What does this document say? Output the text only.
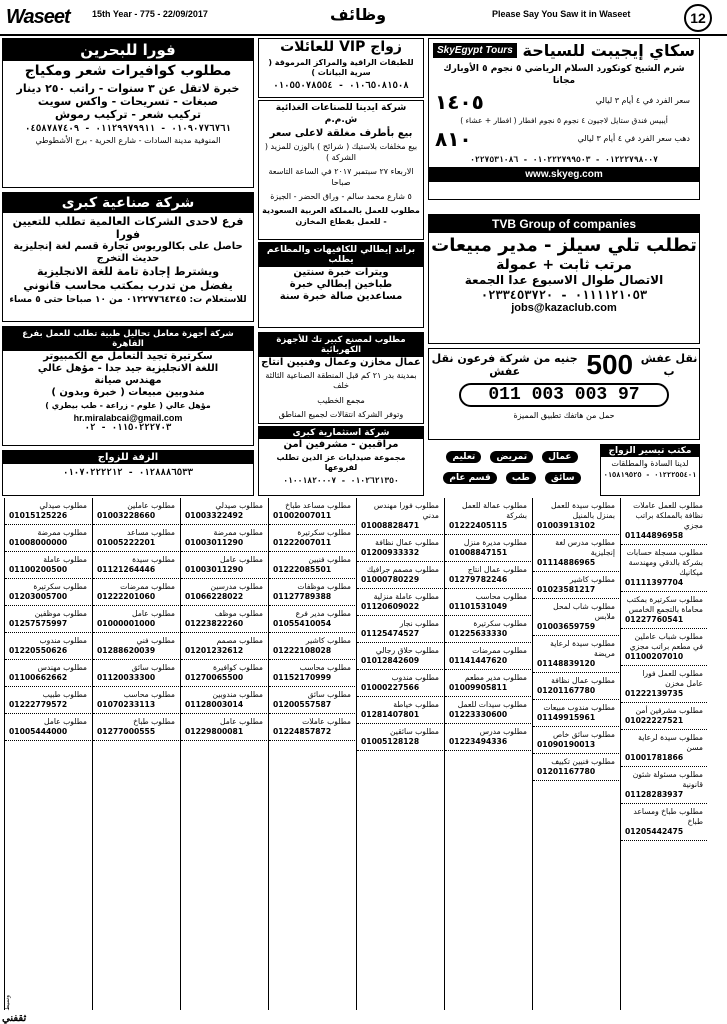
Waseet 15th Year - 775 - 22/09/2017	وظائف	Please Say You Saw it in Waseet	12
فورا للبحرين
مطلوب كوافيرات شعر ومكياج
خبرة لاتقل عن ٣ سنوات - راتب ٢٥٠ دينار
صبغات - تسريحات - واكس سويت
تركيب شعر - تركيب رموش
٠١٠٩٠٧٧٦٧٦١ - ٠١١٢٩٩٧٩٩١١ - ٠٤٥٨٧٨٧٤٠٩
المنوفية مدينة السادات - شارع الحرية - برج الأشطوطي
زواج VIP للعائلات
للطبقات الراقية والمراكز المرموقة ( سرية البيانات )
٠١٠٦٥٠٨١٥٠٨ - ٠١٠٥٥٠٧٨٥٥٤
شركة ايدينا للصناعات الغذائية ش.م.م
بيع بأطرف مغلقة لاعلى سعر
بيع مخلفات بلاستيك ( شرائح ) بالوزن للمزيد ( الشركة )
الاربعاء ٢٧ سبتمبر ٢٠١٧ في الساعة التاسعة صباحا
٥ شارع محمد سالم - وراق الحضر - الجيزة
مطلوب للعمل بالمملكة العربية السعودية - للعمل بقطاع المخازن
سكاي إيجيبت للسياحة
SkyEgypt Tours
شرم الشيخ كونكورد السلام الرياضي ٥ نجوم ٥ الأوبارك مجانا
سعر الفرد في ٤ أيام ٣ ليالي
١٤٠٥
أيبيس فندق ستايل لاجيون ٤ نجوم ٥ نجوم افطار ( افطار + عشاء )
دهب سعر الفرد في ٤ أيام ٣ ليالي
٨١٠
٠١٢٢٢٧٩٨٠٠٧ - ٠١٠٢٢٢٧٩٩٥٠٣ - ٠٢٢٧٥٣١٠٨٦
www.skyeg.com
شركة صناعية كبرى
فرع لاحدى الشركات العالمية تطلب للتعيين فورا
حاصل على بكالوريوس تجارة قسم لغة إنجليزية حديث التخرج
ويشترط إجادة تامة للغة الانجليزية
يفضل من تدرب بمكتب محاسب قانوني
للاستعلام ت: ٠١٢٢٧٧٦٤٣٤٥ من ١٠ صباحا حتى ٥ مساء
براند إيطالي للكافيهات والمطاعم يطلب
ويترات خبرة سنتين
طباخين إيطالي خبرة
مساعدين صالة خبرة سنة
TVB Group of companies
تطلب تلي سيلز - مدير مبيعات
مرتب ثابت + عمولة
الاتصال طوال الاسبوع عدا الجمعة
٠١١١١٢١٠٥٣ - ٠٢٣٣٤٥٣٧٢٠
jobs@kazaclub.com
شركة أجهزة معامل تحاليل طبية تطلب للعمل بفرع القاهرة
سكرتيرة تجيد التعامل مع الكمبيوتر
اللغة الانجليزية جيد جدا - مؤهل عالي
مهندس صيانة
مندوبين مبيعات ( خبرة وبدون )
مؤهل عالي ( علوم - زراعة - طب بيطري )
hr.miralabcai@gmail.com
٠١١٥٠٢٢٢٧٠٣ - ٠٢
مطلوب لمصنع كبير تك للأجهزة الكهربائية
عمال مخازن وعمال وفنيين انتاج
بمدينة بدر ٢١ كم قبل المنطقة الصناعية الثالثة خلف
مجمع الخطيب
وتوفر الشركة انتقالات لجميع المناطق
نقل عفش ب
500
جنيه من شركة فرعون نقل عفش
011 003 003 97
حمل من هاتفك تطبيق المميزة
شركة استثمارية كبرى
مراقبين - مشرفين امن
مجموعة صيدليات عز الدين تطلب لفروعها
٠١٠٢٦٢١٣٥٠ - ٠١٠٠١٨٢٠٠٠٧
مكتب تيسير الزواج
لدينا السادة والمطلقات
٠١٢٢٢٥٥٤٠١ - ٠١٥٨١٩٥٢٥
الزفة للزواج
٠١٢٨٨٨٦٥٣٣ - ٠١٠٧٠٢٢٢٢١٢
عمال تمريض تعليم سائق طب قسم عام
مطلوب للعمل عاملات نظافة بالمملكة براتب مجزي
01144896958
مطلوب مسجلة حسابات بشركة بالدقي ومهندسة ميكانيك
01111397704
مطلوب سكرتيرة بمكتب محاماة بالتجمع الخامس
01227760541
مطلوب شباب عاملين في مطعم براتب مجزي
01100207010
مطلوب للعمل فورا عامل مخزن
01222139735
مطلوب مشرفين أمن
01022227521
مطلوب سيدة لرعاية مسن
01001781866
مطلوب مسئولة شئون قانونية
01128283937
مطلوب طباخ ومساعد طباخ
01205442475
مطلوب سيدة للعمل بمنزل بالمنيل
01003913102
مطلوب مدرس لغة إنجليزية
01114886965
مطلوب كاشير
01023581217
مطلوب شاب لمحل ملابس
01003659759
مطلوب سيدة لرعاية مريضة
01148839120
مطلوب عمال نظافة
01201167780
مطلوب مندوب مبيعات
01149915961
مطلوب سائق خاص
01090190013
مطلوب فنيين تكييف
01201167780
مطلوب عمالة للعمل بشركة
01222405115
مطلوب مديرة منزل
01008847151
مطلوب عمال انتاج
01279782246
مطلوب محاسب
01101531049
مطلوب سكرتيرة
01225633330
مطلوب ممرضات
01141447620
مطلوب مدير مطعم
01009905811
مطلوب سيدات للعمل
01223330600
مطلوب مدرس
01223494336
مطلوب فورا مهندس مدني
01008828471
مطلوب عمال نظافة
01200933332
مطلوب مصمم جرافيك
01000780229
مطلوب عاملة منزلية
01120609022
مطلوب نجار
01125474527
مطلوب حلاق رجالي
01012842609
مطلوب مندوب
01000227566
مطلوب خياطة
01281407801
مطلوب سائقين
01005128128
مطلوب مساعد طباخ
01002007011
مطلوب سكرتيرة
01222007011
مطلوب فنيين
01222085501
مطلوب موظفات
01127789388
مطلوب مدير فرع
01055410054
مطلوب كاشير
01222108028
مطلوب محاسب
01152170999
مطلوب سائق
01200557587
مطلوب عاملات
01224857872
مطلوب صيدلي
01003322492
مطلوب ممرضة
01003011290
مطلوب عامل
01003011290
مطلوب مدرسين
01066228022
مطلوب موظف
01223822260
مطلوب مصمم
01201232612
مطلوب كوافيرة
01270065500
مطلوب مندوبين
01128003014
مطلوب عامل
01229800081
مطلوب عاملين
01003228660
مطلوب مساعد
01005222201
مطلوب سيدة
01121264446
مطلوب ممرضات
01222201060
مطلوب عامل
01000001000
مطلوب فني
01288620039
مطلوب سائق
01120033300
مطلوب محاسب
01070233113
مطلوب طباخ
01277000555
مطلوب صيدلي
01015125226
مطلوب ممرضة
01008000000
مطلوب عاملة
01100200500
مطلوب سكرتيرة
01203005700
مطلوب موظفين
01257575997
مطلوب مندوب
01220550626
مطلوب مهندس
01100662662
مطلوب طبيب
01222779572
مطلوب عامل
01005444000
وسيط
ثقفني
